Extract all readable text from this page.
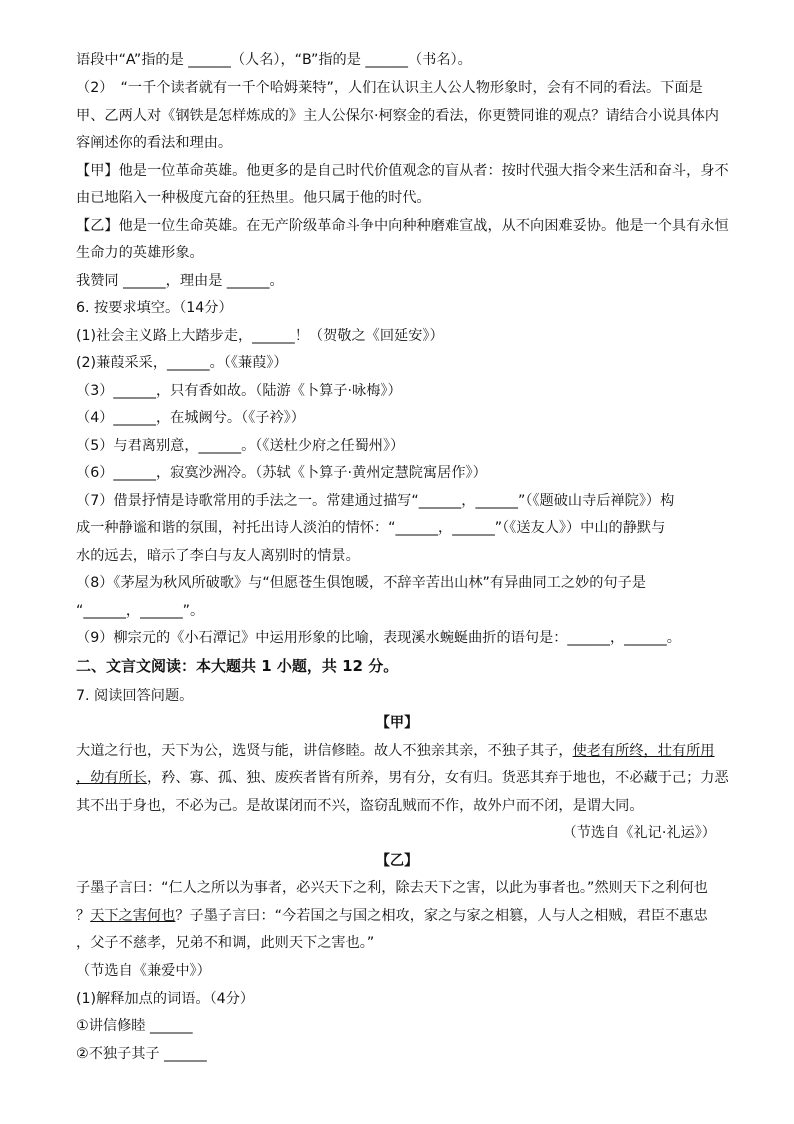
语段中“A”指的是 ______（人名），“B”指的是 ______（书名）。
（2）　“一千个读者就有一千个哈姆莱特”，人们在认识主人公人物形象时，会有不同的看法。下面是
甲、乙两人对《钢铁是怎样炼成的》主人公保尔·柯察金的看法，你更赞同谁的观点？请结合小说具体内
容阐述你的看法和理由。
【甲】他是一位革命英雄。他更多的是自己时代价值观念的盲从者：按时代强大指令来生活和奋斗，身不
由已地陷入一种极度亢奋的狂热里。他只属于他的时代。
【乙】他是一位生命英雄。在无产阶级革命斗争中向种种磨难宣战，从不向困难妥协。他是一个具有永恒
生命力的英雄形象。
我赞同 ______，理由是 ______。
6. 按要求填空。（14分）
(1)社会主义路上大踏步走，______！（贺敬之《回延安》）
(2)蒹葭采采，______。（《蒹葭》）
（3）______，只有香如故。（陆游《卜算子·咏梅》）
（4）______，在城阙兮。（《子衿》）
（5）与君离别意，______。（《送杜少府之任蜀州》）
（6）______，寂寞沙洲冷。（苏轼《卜算子·黄州定慧院寓居作》）
（7）借景抒情是诗歌常用的手法之一。常建通过描写“______，______”（《题破山寺后禅院》）构
成一种静谧和谐的氛围，衬托出诗人淡泊的情怀：“______，______”（《送友人》）中山的静默与
水的远去，暗示了李白与友人离别时的情景。
（8）《茅屋为秋风所破歌》与“但愿苍生俱饱暖，不辞辛苦出山林”有异曲同工之妙的句子是
“______，______”。
（9）柳宗元的《小石潭记》中运用形象的比喻，表现溪水蜿蜒曲折的语句是：______，______。
二、文言文阅读：本大题共 1 小题，共 12 分。
7. 阅读回答问题。
【甲】
大道之行也，天下为公，选贤与能，讲信修睦。故人不独亲其亲，不独子其子，使老有所终，壮有所用
，幼有所长，矜、寡、孤、独、废疾者皆有所养，男有分，女有归。货恶其弃于地也，不必藏于己；力恶
其不出于身也，不必为己。是故谋闭而不兴，盗窃乱贼而不作，故外户而不闭，是谓大同。
（节选自《礼记·礼运》）
【乙】
子墨子言曰：“仁人之所以为事者，必兴天下之利，除去天下之害，以此为事者也。”然则天下之利何也
？天下之害何也？子墨子言曰：“今若国之与国之相攻，家之与家之相篡，人与人之相贼，君臣不惠忠
，父子不慈孝，兄弟不和调，此则天下之害也。”
（节选自《兼爱中》）
(1)解释加点的词语。（4分）
①讲信修睦 ______
②不独子其子 ______
